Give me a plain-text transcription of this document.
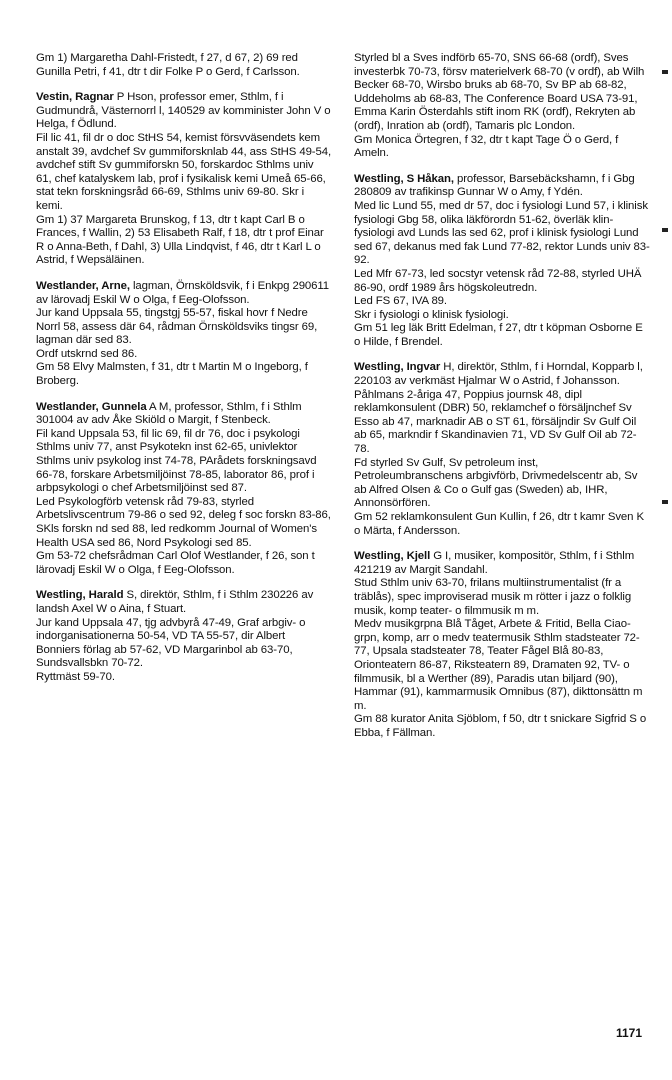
Gm 1) Margaretha Dahl-Fristedt, f 27, d 67, 2) 69 red Gunilla Petri, f 41, dtr t dir Folke P o Gerd, f Carlsson.

Vestin, Ragnar P Hson, professor emer, Sthlm, f i Gudmundrå, Västernorrl l, 140529 av komminister John V o Helga, f Ödlund.

Fil lic 41, fil dr o doc StHS 54, kemist försvväsendets kem anstalt 39, avdchef Sv gummiforsknlab 44, ass StHS 49-54, avdchef stift Sv gummiforskn 50, forskardoc Sthlms univ 61, chef katalyskem lab, prof i fysikalisk kemi Umeå 65-66, stat tekn forskningsråd 66-69, Sthlms univ 69-80. Skr i kemi.

Gm 1) 37 Margareta Brunskog, f 13, dtr t kapt Carl B o Frances, f Wallin, 2) 53 Elisabeth Ralf, f 18, dtr t prof Einar R o Anna-Beth, f Dahl, 3) Ulla Lindqvist, f 46, dtr t Karl L o Astrid, f Wepsäläinen.

Westlander, Arne, lagman, Örnsköldsvik, f i Enkpg 290611 av lärovadj Eskil W o Olga, f Eeg-Olofsson.

Jur kand Uppsala 55, tingstgj 55-57, fiskal hovr f Nedre Norrl 58, assess där 64, rådman Örnsköldsviks tingsr 69, lagman där sed 83.

Ordf utskrnd sed 86.

Gm 58 Elvy Malmsten, f 31, dtr t Martin M o Ingeborg, f Broberg.

Westlander, Gunnela A M, professor, Sthlm, f i Sthlm 301004 av adv Åke Skiöld o Margit, f Stenbeck.

Fil kand Uppsala 53, fil lic 69, fil dr 76, doc i psykologi Sthlms univ 77, anst Psykotekn inst 62-65, univlektor Sthlms univ psykolog inst 74-78, PArådets forskningsavd 66-78, forskare Arbetsmiljöinst 78-85, laborator 86, prof i arbpsykologi o chef Arbetsmiljöinst sed 87.

Led Psykologförb vetensk råd 79-83, styrled Arbetslivscentrum 79-86 o sed 92, deleg f soc forskn 83-86, SKls forskn nd sed 88, led redkomm Journal of Women's Health USA sed 86, Nord Psykologi sed 85.

Gm 53-72 chefsrådman Carl Olof Westlander, f 26, son t lärovadj Eskil W o Olga, f Eeg-Olofsson.

Westling, Harald S, direktör, Sthlm, f i Sthlm 230226 av landsh Axel W o Aina, f Stuart.

Jur kand Uppsala 47, tjg advbyrå 47-49, Graf arbgiv- o indorganisationerna 50-54, VD TA 55-57, dir Albert Bonniers förlag ab 57-62, VD Margarinbol ab 63-70, Sundsvallsbkn 70-72.

Ryttmäst 59-70.

Styrled bl a Sves indförb 65-70, SNS 66-68 (ordf), Sves investerbk 70-73, försv materielverk 68-70 (v ordf), ab Wilh Becker 68-70, Wirsbo bruks ab 68-70, Sv BP ab 68-82, Uddeholms ab 68-83, The Conference Board USA 73-91, Emma Karin Österdahls stift inom RK (ordf), Rekryten ab (ordf), Inration ab (ordf), Tamaris plc London.

Gm Monica Örtegren, f 32, dtr t kapt Tage Ö o Gerd, f Ameln.

Westling, S Håkan, professor, Barsebäckshamn, f i Gbg 280809 av trafikinsp Gunnar W o Amy, f Ydén.

Med lic Lund 55, med dr 57, doc i fysiologi Lund 57, i klinisk fysiologi Gbg 58, olika läkförordn 51-62, överläk klin-fysiologi avd Lunds las sed 62, prof i klinisk fysiologi Lund sed 67, dekanus med fak Lund 77-82, rektor Lunds univ 83-92.

Led Mfr 67-73, led socstyr vetensk råd 72-88, styrled UHÄ 86-90, ordf 1989 års högskoleutredn.

Led FS 67, IVA 89.

Skr i fysiologi o klinisk fysiologi.

Gm 51 leg läk Britt Edelman, f 27, dtr t köpman Osborne E o Hilde, f Brendel.

Westling, Ingvar H, direktör, Sthlm, f i Horndal, Kopparb l, 220103 av verkmäst Hjalmar W o Astrid, f Johansson.

Påhlmans 2-åriga 47, Poppius journsk 48, dipl reklamkonsulent (DBR) 50, reklamchef o försäljnchef Sv Esso ab 47, marknadir AB o ST 61, försäljndir Sv Gulf Oil ab 65, markndir f Skandinavien 71, VD Sv Gulf Oil ab 72-78.

Fd styrled Sv Gulf, Sv petroleum inst, Petroleumbranschens arbgivförb, Drivmedelscentr ab, Sv ab Alfred Olsen & Co o Gulf gas (Sweden) ab, IHR, Annonsörfören.

Gm 52 reklamkonsulent Gun Kullin, f 26, dtr t kamr Sven K o Märta, f Andersson.

Westling, Kjell G I, musiker, kompositör, Sthlm, f i Sthlm 421219 av Margit Sandahl.

Stud Sthlm univ 63-70, frilans multiinstrumentalist (fr a träblås), spec improviserad musik m rötter i jazz o folklig musik, komp teater- o filmmusik m m.

Medv musikgrpna Blå Tåget, Arbete & Fritid, Bella Ciao-grpn, komp, arr o medv teatermusik Sthlm stadsteater 72-77, Upsala stadsteater 78, Teater Fågel Blå 80-83, Orionteatern 86-87, Riksteatern 89, Dramaten 92, TV- o filmmusik, bl a Werther (89), Paradis utan biljard (90), Hammar (91), kammarmusik Omnibus (87), dikttonsättn m m.

Gm 88 kurator Anita Sjöblom, f 50, dtr t snickare Sigfrid S o Ebba, f Fällman.

1171
